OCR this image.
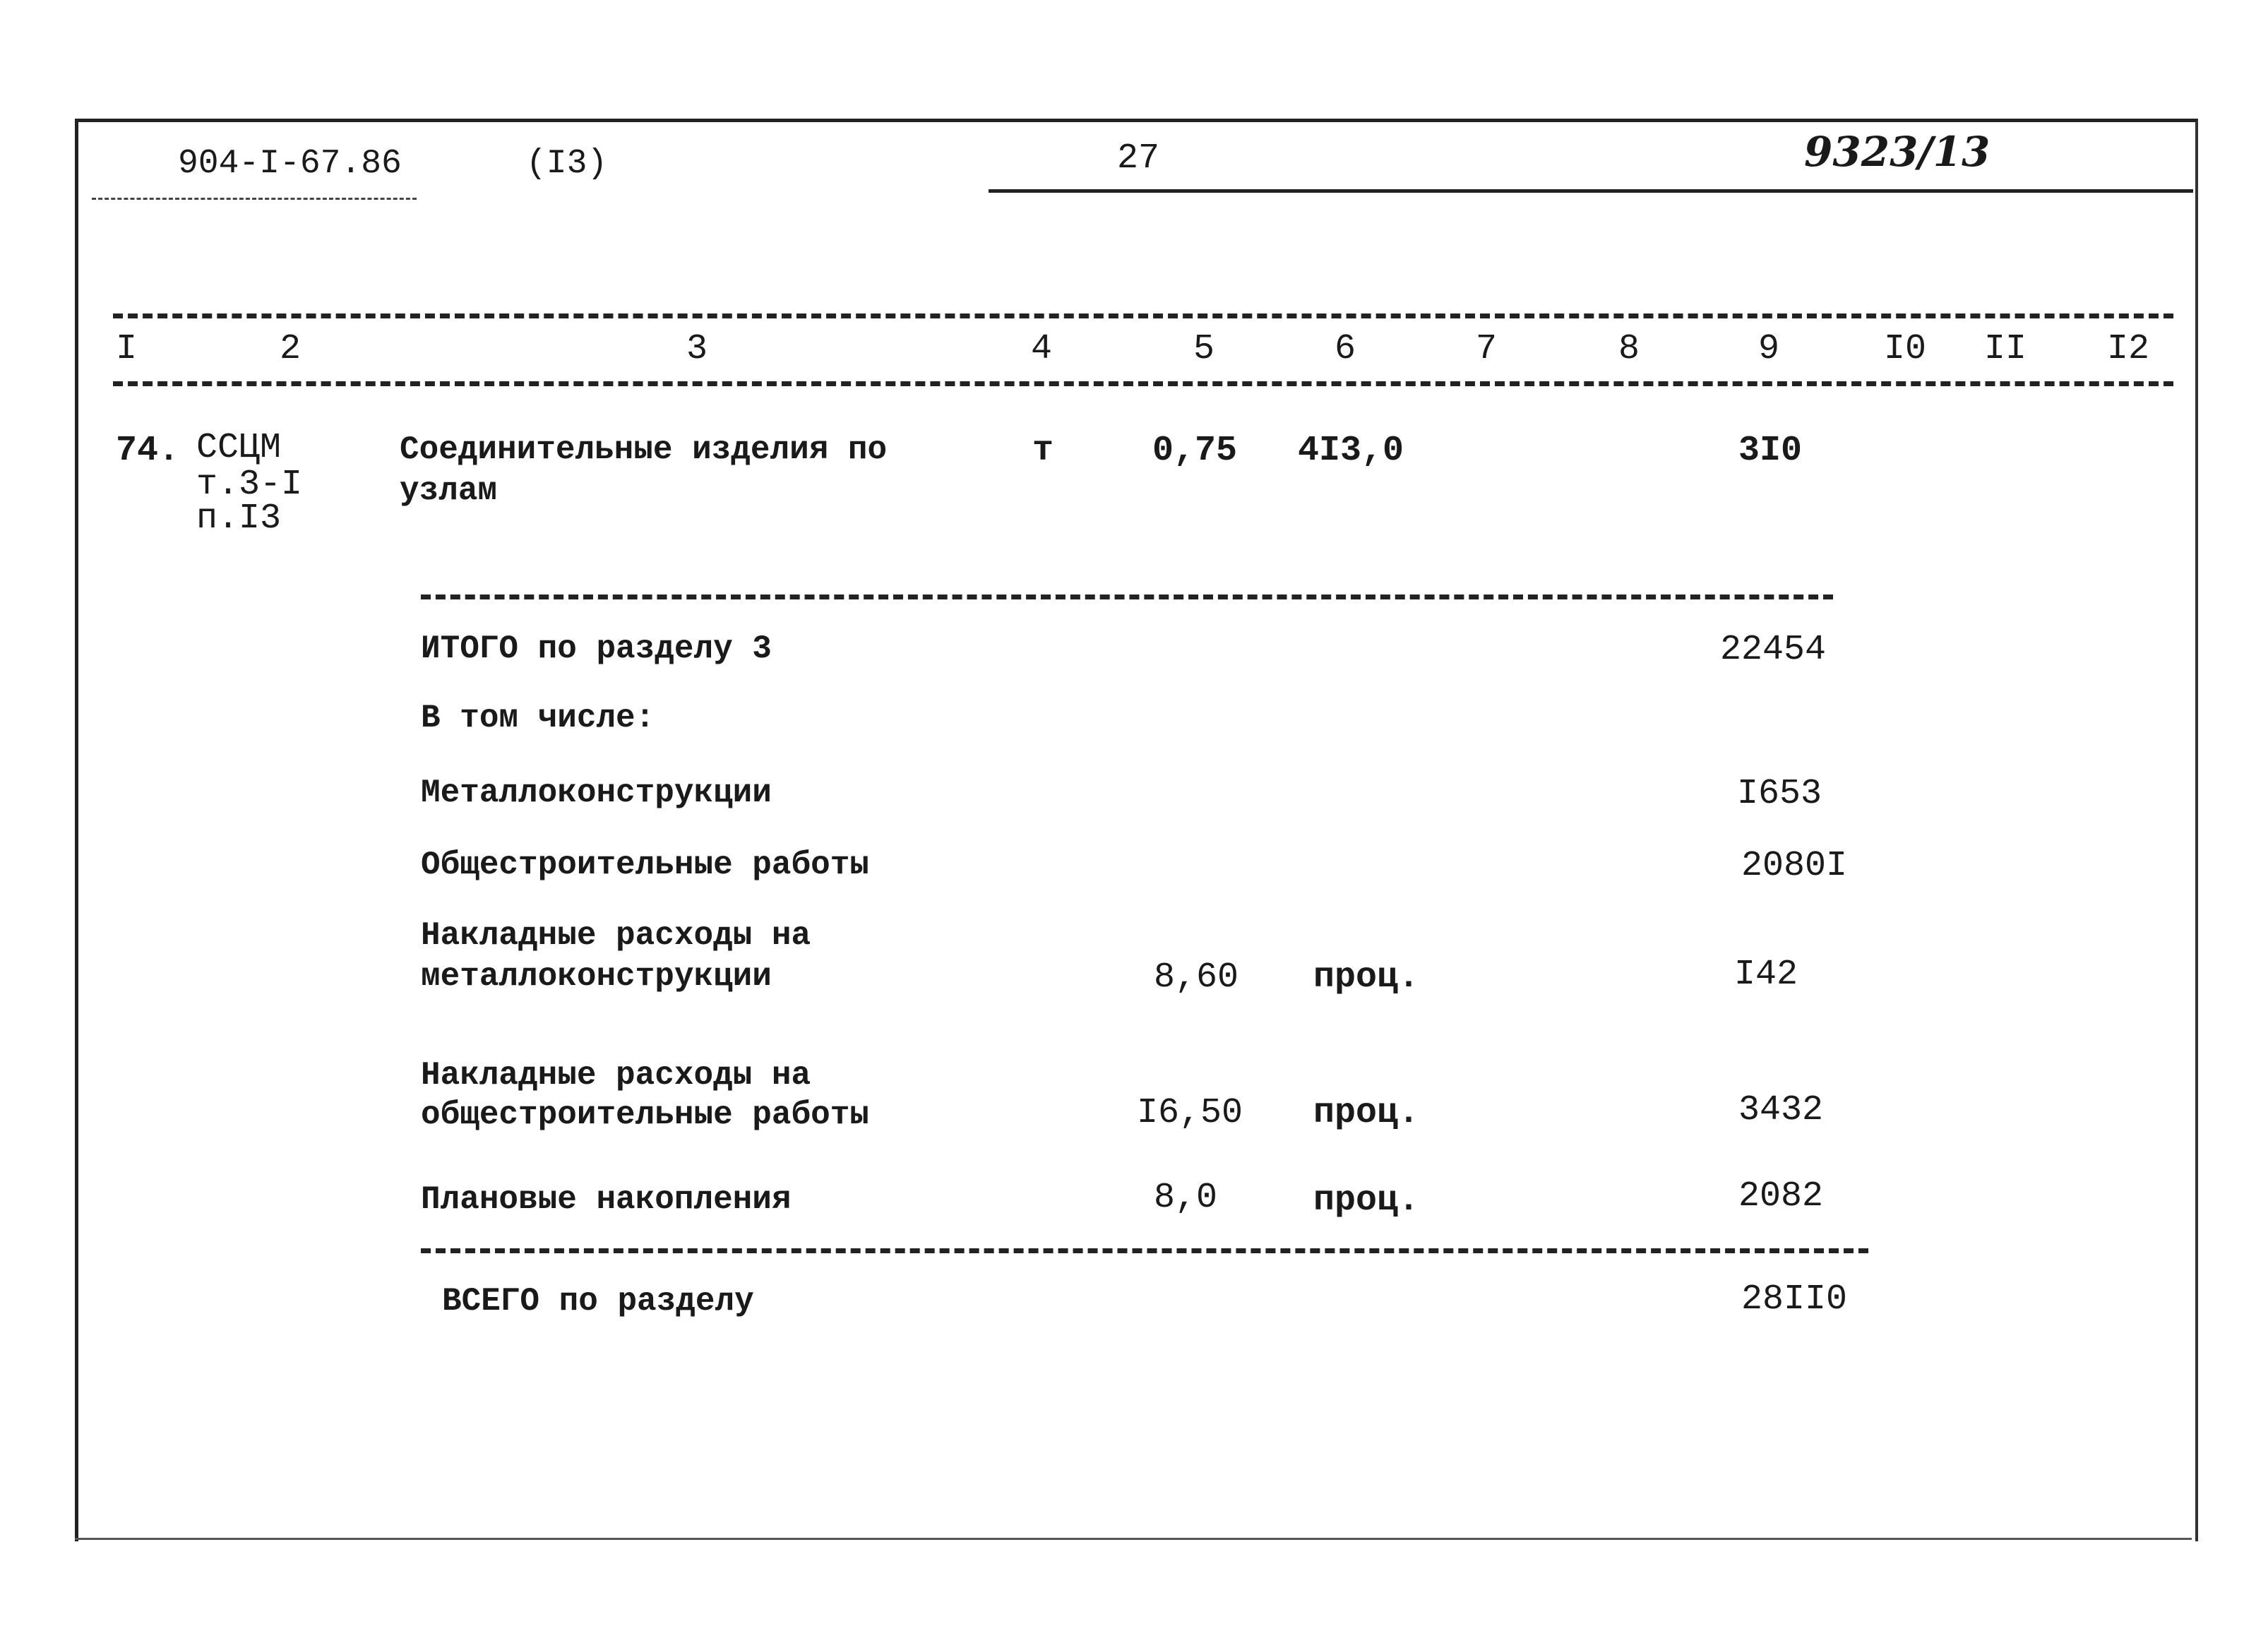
904-I-67.86	(I3)	27	9323/13
I	2	3	4	5	6	7	8	9	I0 II I2
74. ССЦМ
т.3-I
п.I3
Соединительные изделия по
узлам
т	0,75 4I3,0	3I0
ИТОГО по разделу 3	22454
В том числе:
Металлоконструкции	I653
Общестроительные работы	2080I
Накладные расходы на
металлоконструкции	8,60 проц.	I42
Накладные расходы на
общестроительные работы	I6,50 проц.	3432
Плановые накопления	8,0	проц.	2082
ВСЕГО по разделу	28II0
